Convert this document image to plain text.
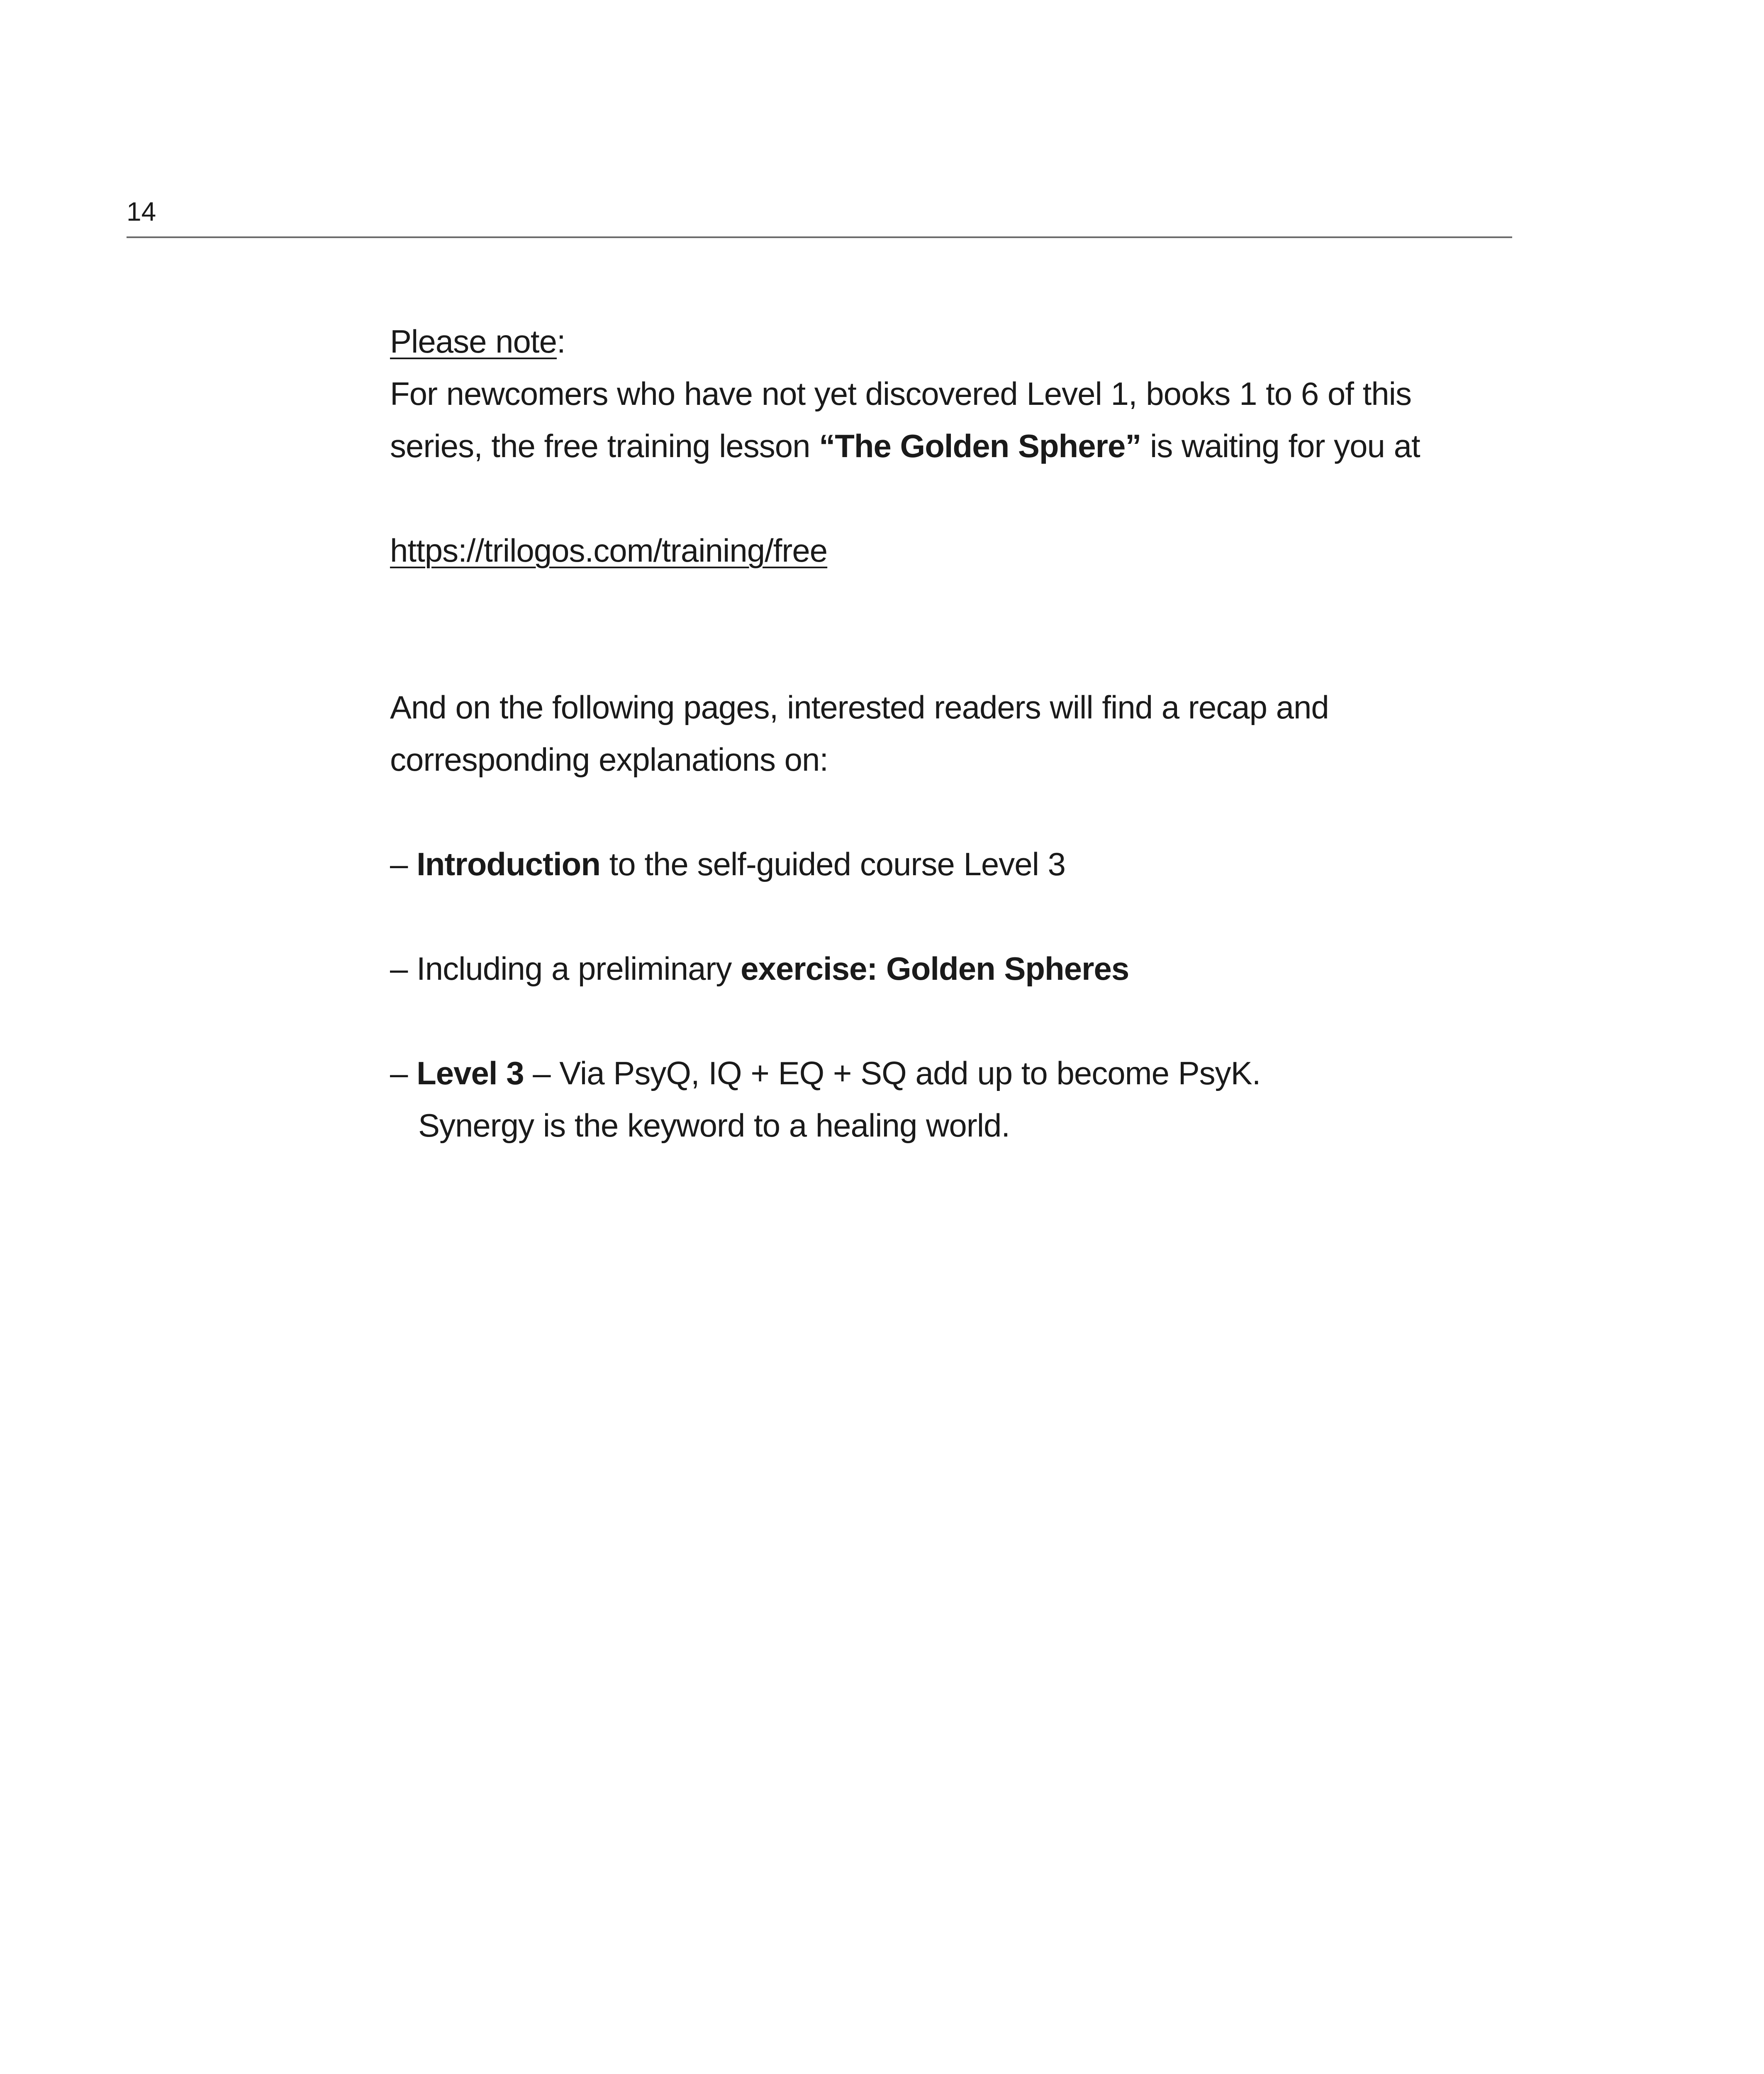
14

Please note:

For newcomers who have not yet discovered Level 1, books 1 to 6 of this

series, the free training lesson “The Golden Sphere” is waiting for you at

https://trilogos.com/training/free

And on the following pages, interested readers will find a recap and

corresponding explanations on:

– Introduction to the self-guided course Level 3

– Including a preliminary exercise: Golden Spheres

– Level 3 – Via PsyQ, IQ + EQ + SQ add up to become PsyK.

Synergy is the keyword to a healing world.
